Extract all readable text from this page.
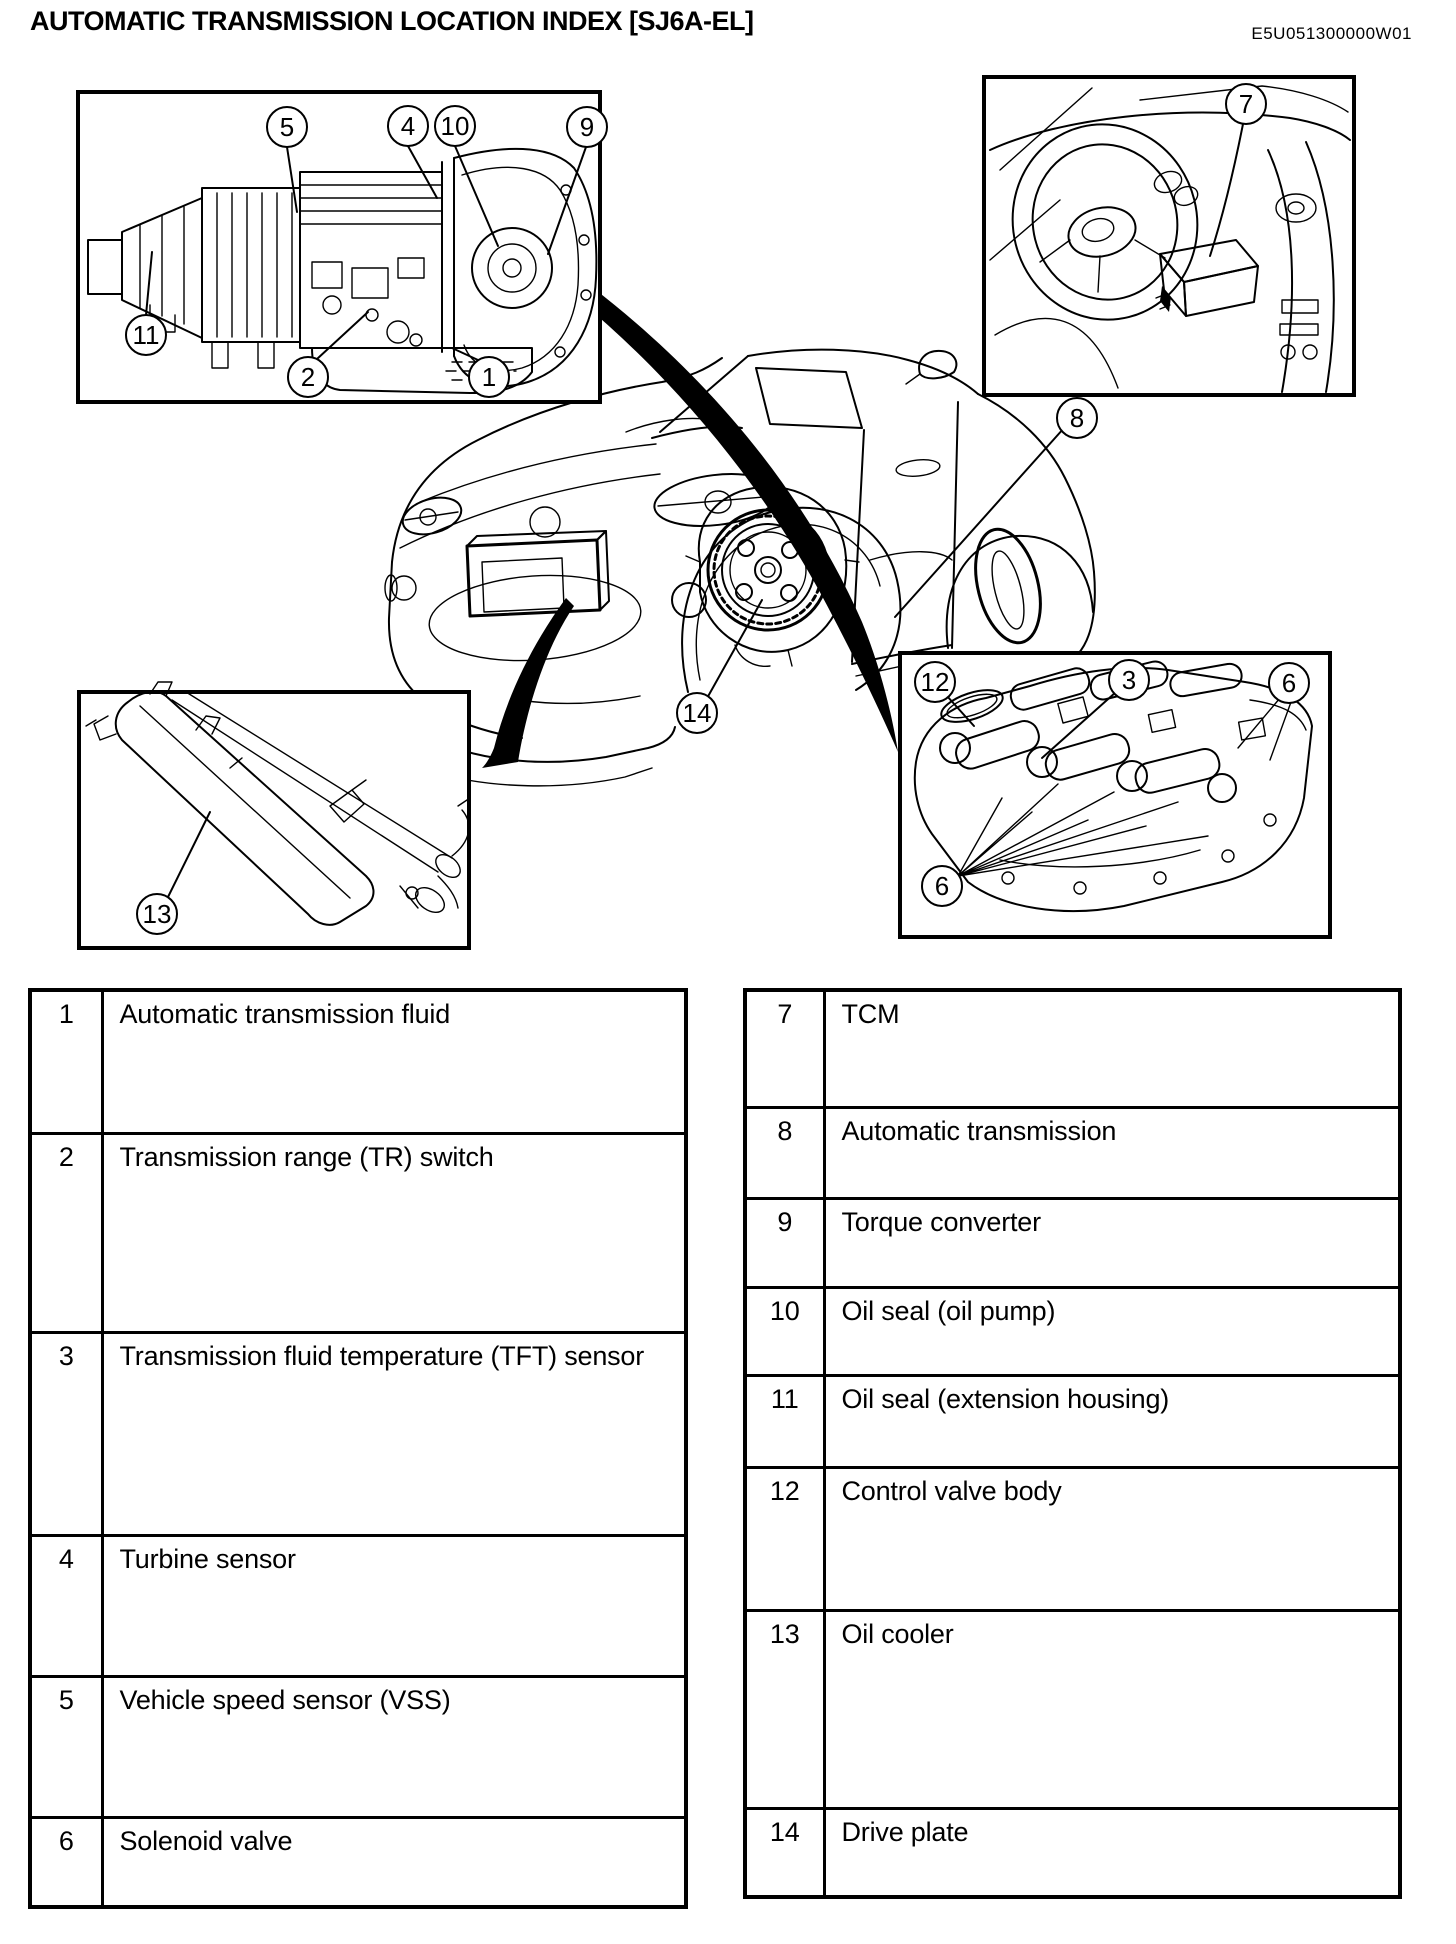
AUTOMATIC TRANSMISSION LOCATION INDEX [SJ6A-EL]	E5U051300000W01
8
14
5	4 10	9
11
2	1
7
13
12	3	6
6
1	Automatic transmission fluid
2	Transmission range (TR) switch
3	Transmission fluid temperature (TFT) sensor
4	Turbine sensor
5	Vehicle speed sensor (VSS)
6	Solenoid valve
7	TCM
8	Automatic transmission
9	Torque converter
10	Oil seal (oil pump)
11	Oil seal (extension housing)
12	Control valve body
13	Oil cooler
14	Drive plate
